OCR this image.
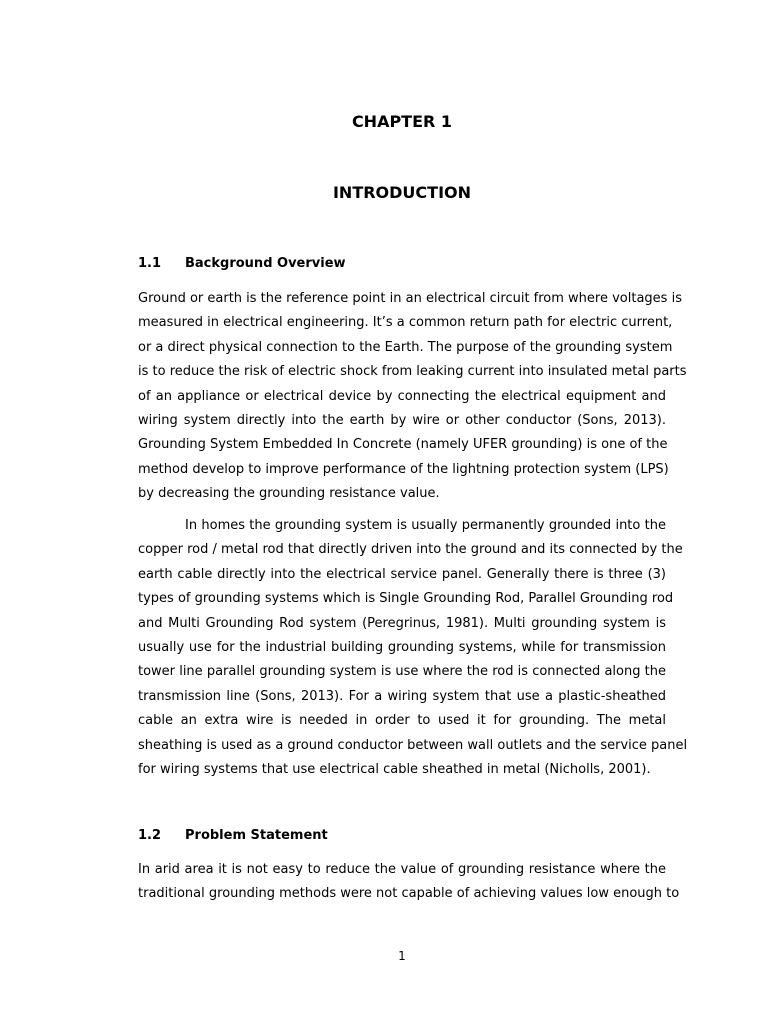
CHAPTER 1
INTRODUCTION
1.1 Background Overview

Ground or earth is the reference point in an electrical circuit from where voltages is
measured in electrical engineering. It’s a common return path for electric current,
or a direct physical connection to the Earth. The purpose of the grounding system
is to reduce the risk of electric shock from leaking current into insulated metal parts
of an appliance or electrical device by connecting the electrical equipment and
wiring system directly into the earth by wire or other conductor (Sons, 2013).
Grounding System Embedded In Concrete (namely UFER grounding) is one of the
method develop to improve performance of the lightning protection system (LPS)
by decreasing the grounding resistance value.

In homes the grounding system is usually permanently grounded into the
copper rod / metal rod that directly driven into the ground and its connected by the
earth cable directly into the electrical service panel. Generally there is three (3)
types of grounding systems which is Single Grounding Rod, Parallel Grounding rod
and Multi Grounding Rod system (Peregrinus, 1981). Multi grounding system is
usually use for the industrial building grounding systems, while for transmission
tower line parallel grounding system is use where the rod is connected along the
transmission line (Sons, 2013). For a wiring system that use a plastic-sheathed
cable an extra wire is needed in order to used it for grounding. The metal
sheathing is used as a ground conductor between wall outlets and the service panel
for wiring systems that use electrical cable sheathed in metal (Nicholls, 2001).

1.2 Problem Statement

In arid area it is not easy to reduce the value of grounding resistance where the
traditional grounding methods were not capable of achieving values low enough to

1
